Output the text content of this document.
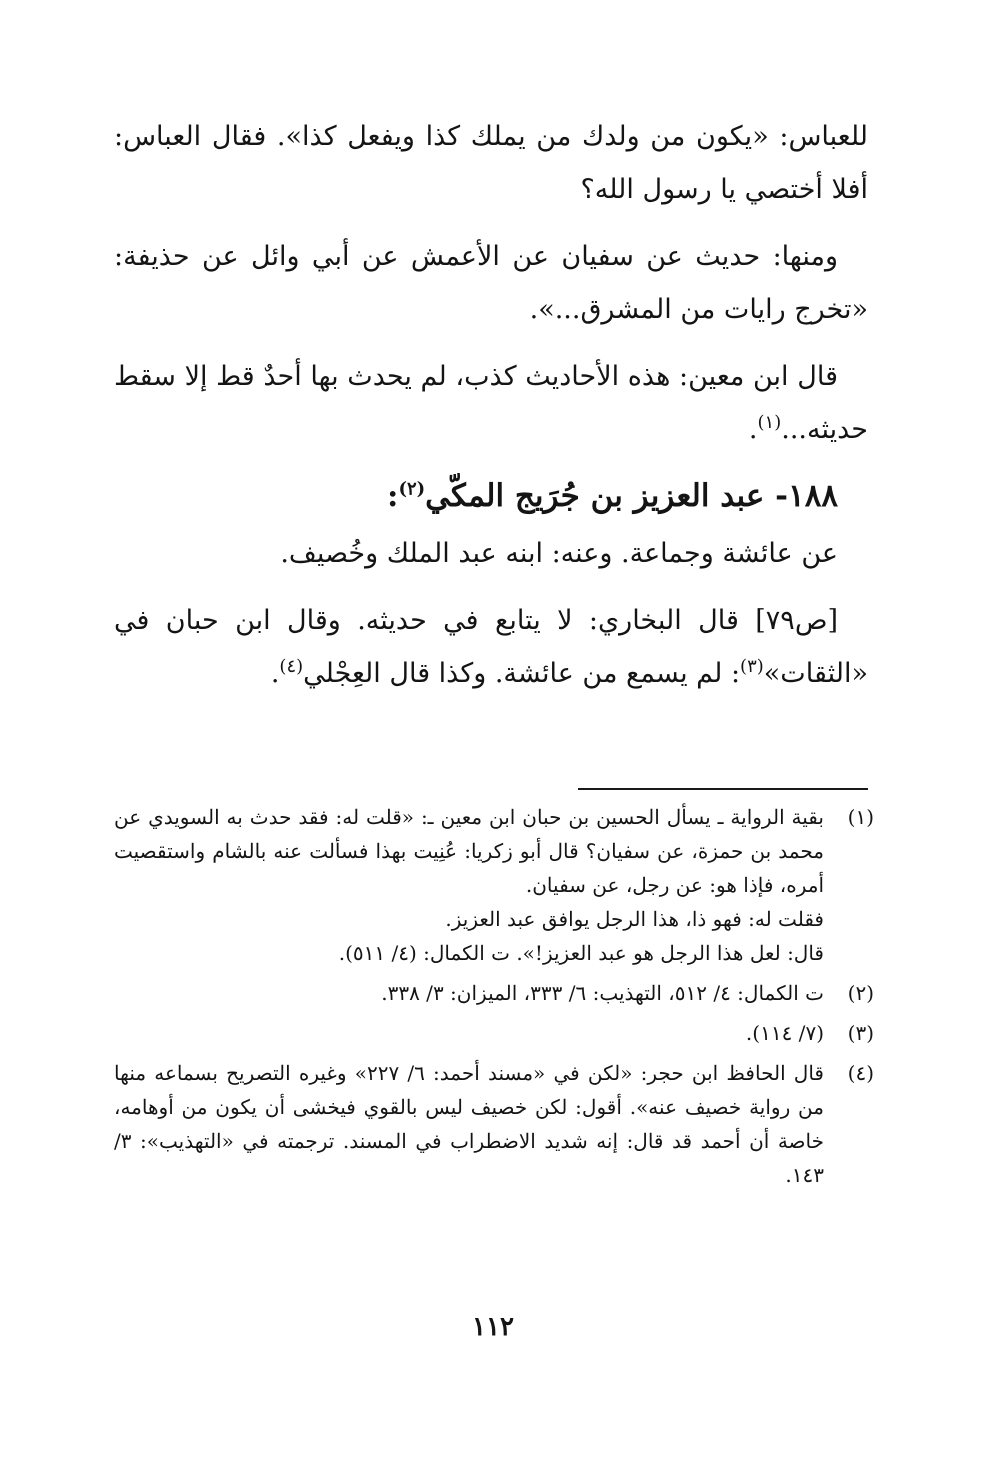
للعباس: «يكون من ولدك من يملك كذا ويفعل كذا». فقال العباس: أفلا أختصي يا رسول الله؟

ومنها: حديث عن سفيان عن الأعمش عن أبي وائل عن حذيفة: «تخرج رايات من المشرق...».

قال ابن معين: هذه الأحاديث كذب، لم يحدث بها أحدٌ قط إلا سقط حديثه...$^{(١)}$.

١٨٨- عبد العزيز بن جُرَيج المكّي$^{(٢)}$:

عن عائشة وجماعة. وعنه: ابنه عبد الملك وخُصيف.

[ص٧٩] قال البخاري: لا يتابع في حديثه. وقال ابن حبان في «الثقات»$^{(٣)}$: لم يسمع من عائشة. وكذا قال العِجْلي$^{(٤)}$.

(١)
بقية الرواية ـ يسأل الحسين بن حبان ابن معين ـ: «قلت له: فقد حدث به السويدي عن محمد بن حمزة، عن سفيان؟ قال أبو زكريا: عُنِيت بهذا فسألت عنه بالشام واستقصيت أمره، فإذا هو: عن رجل، عن سفيان.
فقلت له: فهو ذا، هذا الرجل يوافق عبد العزيز.
قال: لعل هذا الرجل هو عبد العزيز!». ت الكمال: (٤/ ٥١١).
(٢)
ت الكمال: ٤/ ٥١٢، التهذيب: ٦/ ٣٣٣، الميزان: ٣/ ٣٣٨.
(٣)
(٧/ ١١٤).
(٤)
قال الحافظ ابن حجر: «لكن في «مسند أحمد: ٦/ ٢٢٧» وغيره التصريح بسماعه منها من رواية خصيف عنه». أقول: لكن خصيف ليس بالقوي فيخشى أن يكون من أوهامه، خاصة أن أحمد قد قال: إنه شديد الاضطراب في المسند. ترجمته في «التهذيب»: ٣/ ١٤٣.
١١٢
